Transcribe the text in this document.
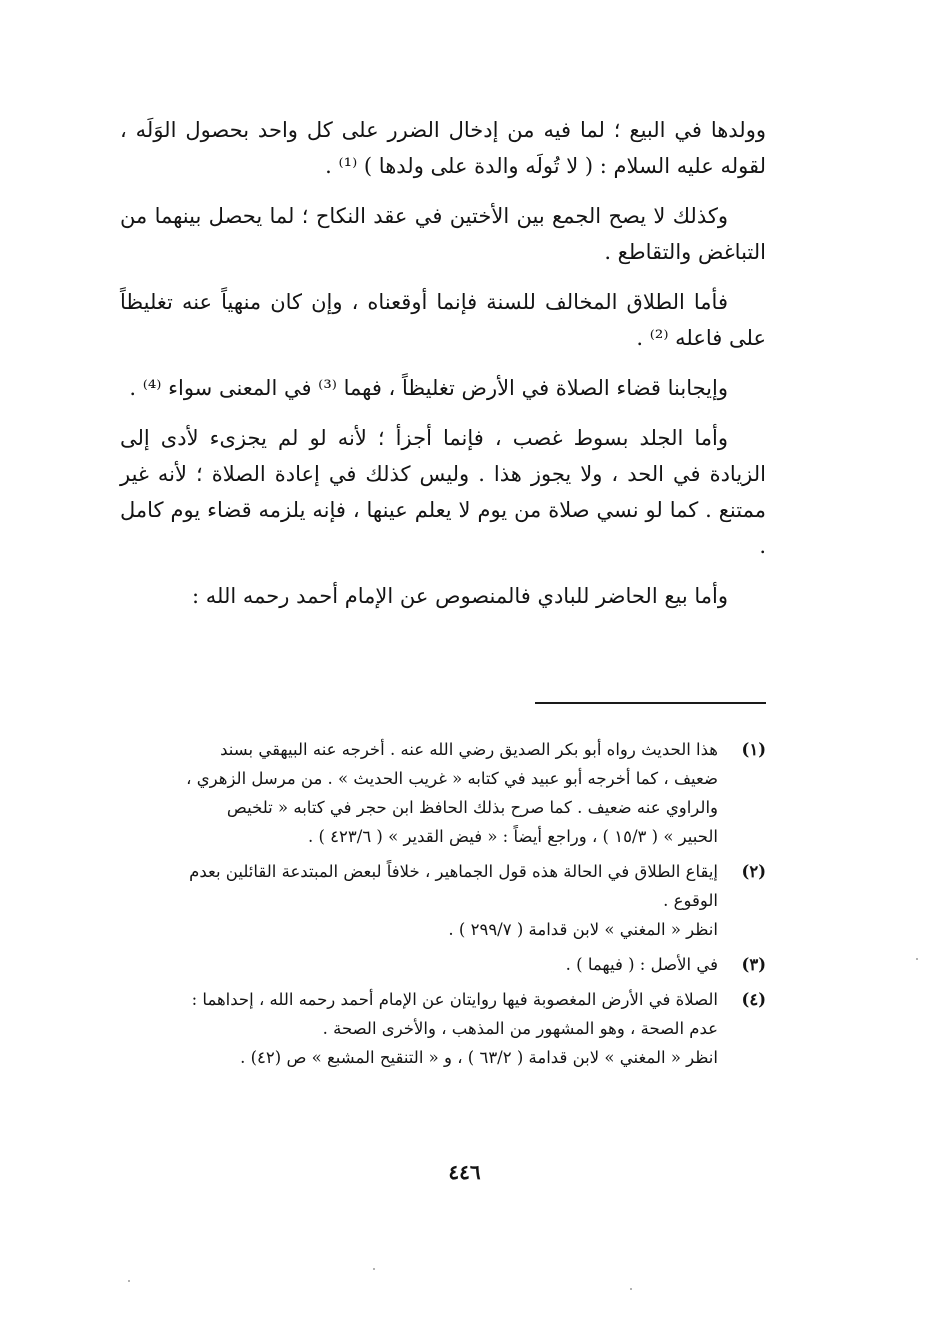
وولدها في البيع ؛ لما فيه من إدخال الضرر على كل واحد بحصول الوَلَه ، لقوله عليه السلام : ( لا تُولَه والدة على ولدها ) ⁽¹⁾ .

وكذلك لا يصح الجمع بين الأختين في عقد النكاح ؛ لما يحصل بينهما من التباغض والتقاطع .

فأما الطلاق المخالف للسنة فإنما أوقعناه ، وإن كان منهياً عنه تغليظاً على فاعله ⁽²⁾ .

وإيجابنا قضاء الصلاة في الأرض تغليظاً ، فهما ⁽³⁾ في المعنى سواء ⁽⁴⁾ .

وأما الجلد بسوط غصب ، فإنما أجزأ ؛ لأنه لو لم يجزىء لأدى إلى الزيادة في الحد ، ولا يجوز هذا . وليس كذلك في إعادة الصلاة ؛ لأنه غير ممتنع . كما لو نسي صلاة من يوم لا يعلم عينها ، فإنه يلزمه قضاء يوم كامل .

وأما بيع الحاضر للبادي فالمنصوص عن الإمام أحمد رحمه الله :

(١)
هذا الحديث رواه أبو بكر الصديق رضي الله عنه . أخرجه عنه البيهقي بسند
ضعيف ، كما أخرجه أبو عبيد في كتابه « غريب الحديث » . من مرسل الزهري ،
والراوي عنه ضعيف . كما صرح بذلك الحافظ ابن حجر في كتابه « تلخيص
الحبير » ( ١٥/٣ ) ، وراجع أيضاً : « فيض القدير » ( ٤٢٣/٦ ) .
(٢)
إيقاع الطلاق في الحالة هذه قول الجماهير ، خلافاً لبعض المبتدعة القائلين بعدم
الوقوع .
انظر « المغني » لابن قدامة ( ٢٩٩/٧ ) .
(٣)
في الأصل : ( فيهما ) .
(٤)
الصلاة في الأرض المغصوبة فيها روايتان عن الإمام أحمد رحمه الله ، إحداهما :
عدم الصحة ، وهو المشهور من المذهب ، والأخرى الصحة .
انظر « المغني » لابن قدامة ( ٦٣/٢ ) ، و « التنقيح المشبع » ص (٤٢) .
٤٤٦
